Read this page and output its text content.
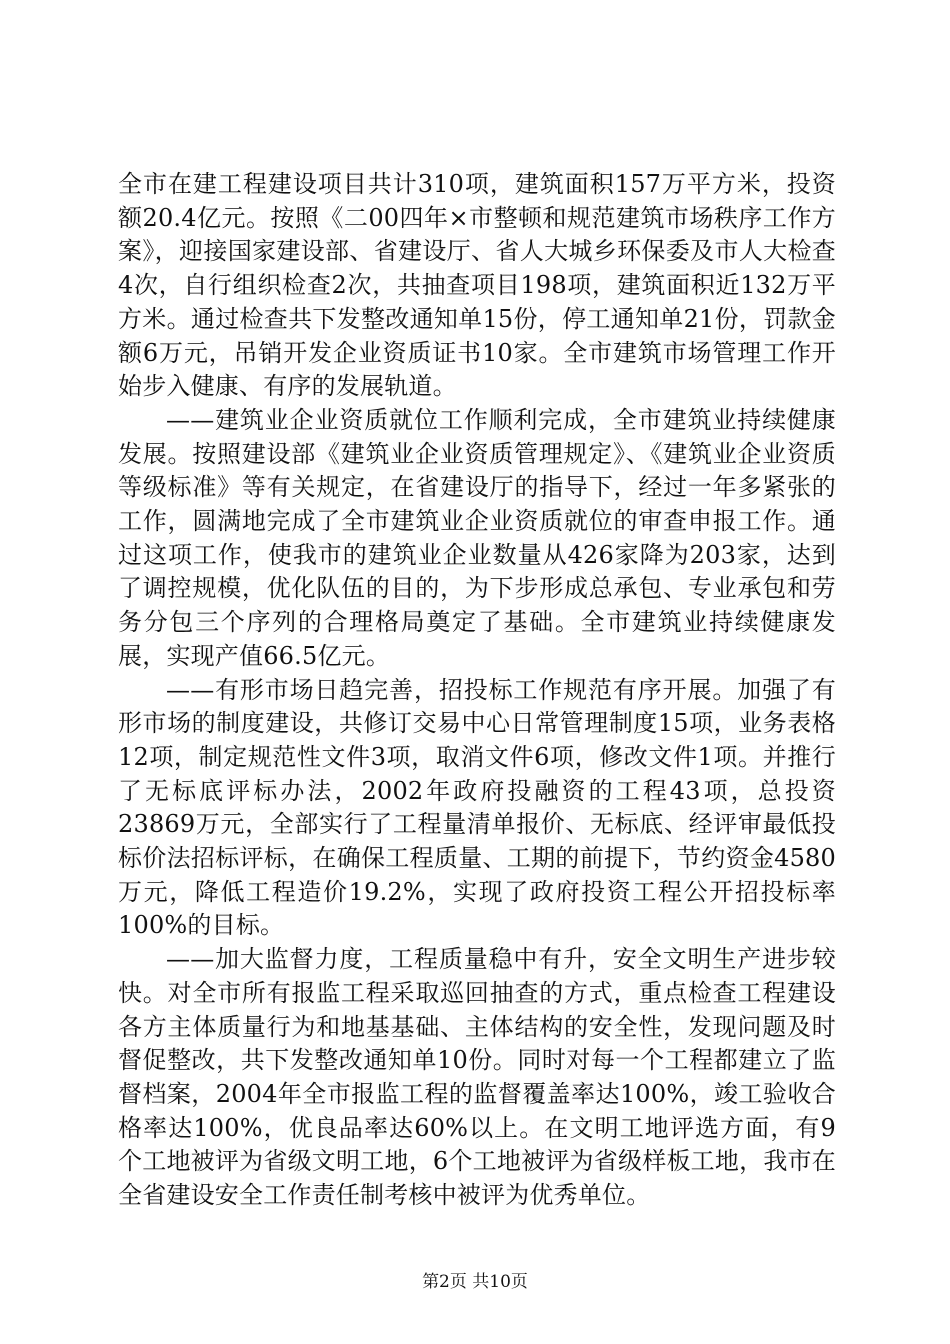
全市在建工程建设项目共计310项，建筑面积157万平方米，投资额20.4亿元。按照《二00四年×市整顿和规范建筑市场秩序工作方案》，迎接国家建设部、省建设厅、省人大城乡环保委及市人大检查4次，自行组织检查2次，共抽查项目198项，建筑面积近132万平方米。通过检查共下发整改通知单15份，停工通知单21份，罚款金额6万元，吊销开发企业资质证书10家。全市建筑市场管理工作开始步入健康、有序的发展轨道。

——建筑业企业资质就位工作顺利完成，全市建筑业持续健康发展。按照建设部《建筑业企业资质管理规定》、《建筑业企业资质等级标准》等有关规定，在省建设厅的指导下，经过一年多紧张的工作，圆满地完成了全市建筑业企业资质就位的审查申报工作。通过这项工作，使我市的建筑业企业数量从426家降为203家，达到了调控规模，优化队伍的目的，为下步形成总承包、专业承包和劳务分包三个序列的合理格局奠定了基础。全市建筑业持续健康发展，实现产值66.5亿元。

——有形市场日趋完善，招投标工作规范有序开展。加强了有形市场的制度建设，共修订交易中心日常管理制度15项，业务表格12项，制定规范性文件3项，取消文件6项，修改文件1项。并推行了无标底评标办法，2002年政府投融资的工程43项，总投资23869万元，全部实行了工程量清单报价、无标底、经评审最低投标价法招标评标，在确保工程质量、工期的前提下，节约资金4580万元，降低工程造价19.2%，实现了政府投资工程公开招投标率100%的目标。

——加大监督力度，工程质量稳中有升，安全文明生产进步较快。对全市所有报监工程采取巡回抽查的方式，重点检查工程建设各方主体质量行为和地基基础、主体结构的安全性，发现问题及时督促整改，共下发整改通知单10份。同时对每一个工程都建立了监督档案，2004年全市报监工程的监督覆盖率达100%，竣工验收合格率达100%，优良品率达60%以上。在文明工地评选方面，有9个工地被评为省级文明工地，6个工地被评为省级样板工地，我市在全省建设安全工作责任制考核中被评为优秀单位。

第2页 共10页
